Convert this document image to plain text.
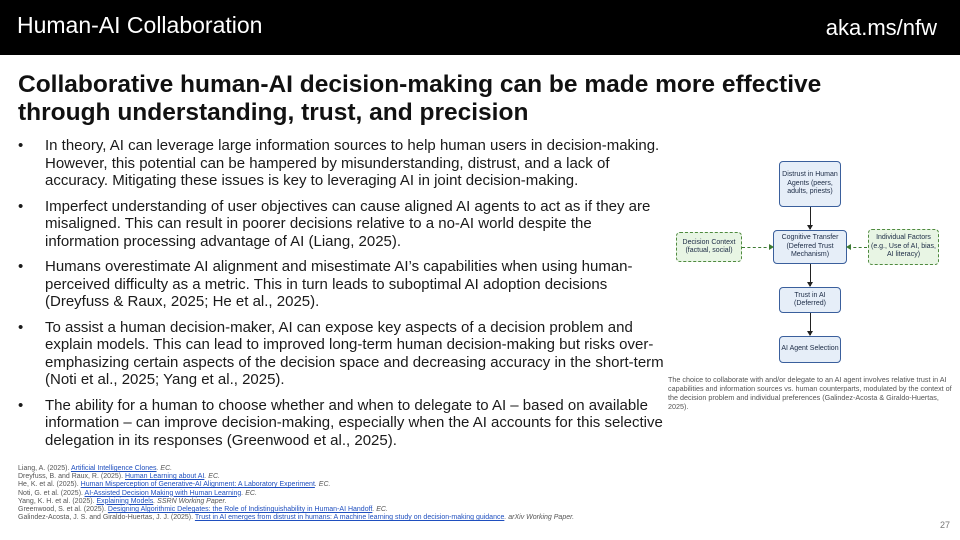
Human-AI Collaboration	aka.ms/nfw
Collaborative human-AI decision-making can be made more effective through understanding, trust, and precision
• In theory, AI can leverage large information sources to help human users in decision-making. However, this potential can be hampered by misunderstanding, distrust, and a lack of accuracy. Mitigating these issues is key to leveraging AI in joint decision-making.
• Imperfect understanding of user objectives can cause aligned AI agents to act as if they are misaligned. This can result in poorer decisions relative to a no-AI world despite the information processing advantage of AI (Liang, 2025).
• Humans overestimate AI alignment and misestimate AI’s capabilities when using human-perceived difficulty as a metric. This in turn leads to suboptimal AI adoption decisions (Dreyfuss & Raux, 2025; He et al., 2025).
• To assist a human decision-maker, AI can expose key aspects of a decision problem and explain models. This can lead to improved long-term human decision-making but risks over-emphasizing certain aspects of the decision space and decreasing accuracy in the short-term (Noti et al., 2025; Yang et al., 2025).
• The ability for a human to choose whether and when to delegate to AI – based on available information – can improve decision-making, especially when the AI accounts for this selective delegation in its responses (Greenwood et al., 2025).
Distrust in Human Agents (peers, adults, priests)
Cognitive Transfer (Deferred Trust Mechanism)
Trust in AI (Deferred)
AI Agent Selection
Decision Context (factual, social)
Individual Factors (e.g., Use of AI, bias, AI literacy)
The choice to collaborate with and/or delegate to an AI agent involves relative trust in AI capabilities and information sources vs. human counterparts, modulated by the context of the decision problem and individual preferences (Galindez-Acosta & Giraldo-Huertas, 2025).
Liang, A. (2025). Artificial Intelligence Clones. EC.
Dreyfuss, B. and Raux, R. (2025). Human Learning about AI. EC.
He, K. et al. (2025). Human Misperception of Generative-AI Alignment: A Laboratory Experiment. EC.
Noti, G. et al. (2025). AI-Assisted Decision Making with Human Learning. EC.
Yang, K. H. et al. (2025). Explaining Models. SSRN Working Paper.
Greenwood, S. et al. (2025). Designing Algorithmic Delegates: the Role of Indistinguishability in Human-AI Handoff. EC.
Galindez-Acosta, J. S. and Giraldo-Huertas, J. J. (2025). Trust in AI emerges from distrust in humans: A machine learning study on decision-making guidance. arXiv Working Paper.
27
